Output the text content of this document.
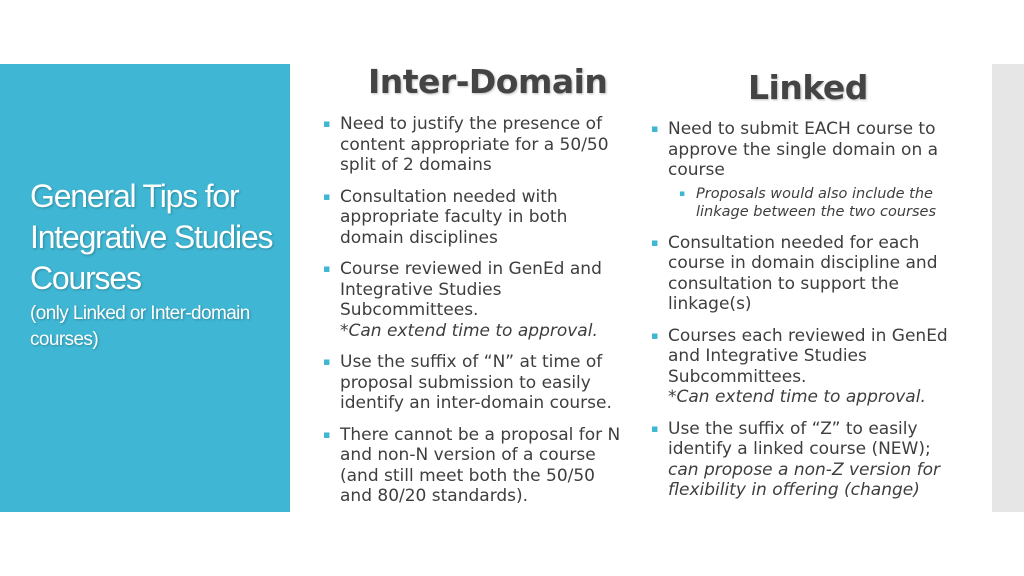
General Tips for Integrative Studies Courses
(only Linked or Inter-domain courses)
Inter-Domain	Linked
▪ Need to justify the presence of content appropriate for a 50/50 split of 2 domains
▪ Consultation needed with appropriate faculty in both domain disciplines
▪ Course reviewed in GenEd and Integrative Studies Subcommittees.
*Can extend time to approval.
▪ Use the suffix of “N” at time of proposal submission to easily identify an inter-domain course.
▪ There cannot be a proposal for N and non-N version of a course (and still meet both the 50/50 and 80/20 standards).
▪ Need to submit EACH course to approve the single domain on a course
▪ Proposals would also include the linkage between the two courses
▪ Consultation needed for each course in domain discipline and consultation to support the linkage(s)
▪ Courses each reviewed in GenEd and Integrative Studies Subcommittees.
*Can extend time to approval.
▪ Use the suffix of “Z” to easily identify a linked course (NEW);
can propose a non-Z version for flexibility in offering (change)
